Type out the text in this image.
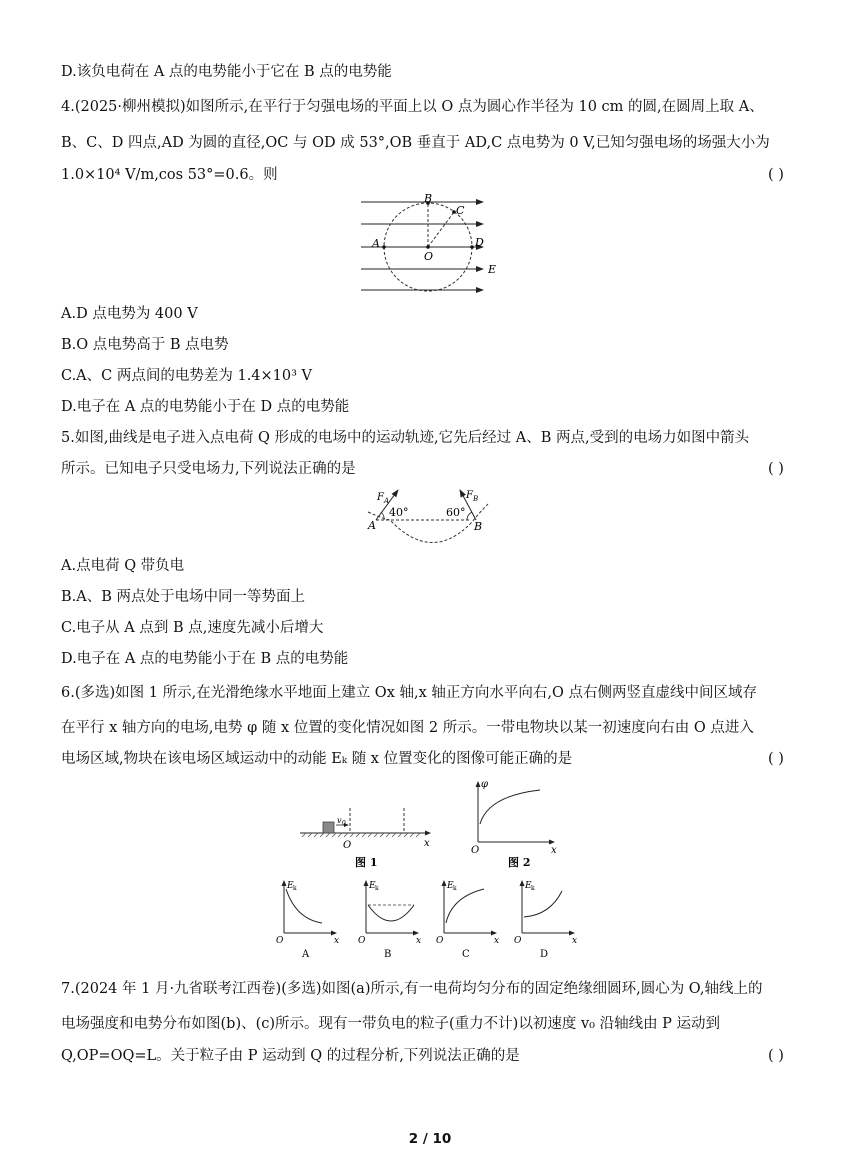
D.该负电荷在 A 点的电势能小于它在 B 点的电势能
4.(2025·柳州模拟)如图所示,在平行于匀强电场的平面上以 O 点为圆心作半径为 10 cm 的圆,在圆周上取 A、
B、C、D 四点,AD 为圆的直径,OC 与 OD 成 53°,OB 垂直于 AD,C 点电势为 0 V,已知匀强电场的场强大小为
1.0×10⁴ V/m,cos 53°=0.6。则	( )
B
C
A	D
O
E
A.D 点电势为 400 V
B.O 点电势高于 B 点电势
C.A、C 两点间的电势差为 1.4×10³ V
D.电子在 A 点的电势能小于在 D 点的电势能
5.如图,曲线是电子进入点电荷 Q 形成的电场中的运动轨迹,它先后经过 A、B 两点,受到的电场力如图中箭头
所示。已知电子只受电场力,下列说法正确的是	( )
F A	F B
40°	60°
A	B
A.点电荷 Q 带负电
B.A、B 两点处于电场中同一等势面上
C.电子从 A 点到 B 点,速度先减小后增大
D.电子在 A 点的电势能小于在 B 点的电势能
6.(多选)如图 1 所示,在光滑绝缘水平地面上建立 Ox 轴,x 轴正方向水平向右,O 点右侧两竖直虚线中间区域存
在平行 x 轴方向的电场,电势 φ 随 x 位置的变化情况如图 2 所示。一带电物块以某一初速度向右由 O 点进入
电场区域,物块在该电场区域运动中的动能 Eₖ 随 x 位置变化的图像可能正确的是	( )
v 0
O	x
图 1
φ
O	x
图 2
E k
O	x
A
E k
O	x
B
E k
O	x
C
E k
O	x
D
7.(2024 年 1 月·九省联考江西卷)(多选)如图(a)所示,有一电荷均匀分布的固定绝缘细圆环,圆心为 O,轴线上的
电场强度和电势分布如图(b)、(c)所示。现有一带负电的粒子(重力不计)以初速度 v₀ 沿轴线由 P 运动到
Q,OP=OQ=L。关于粒子由 P 运动到 Q 的过程分析,下列说法正确的是	( )
2 / 10
